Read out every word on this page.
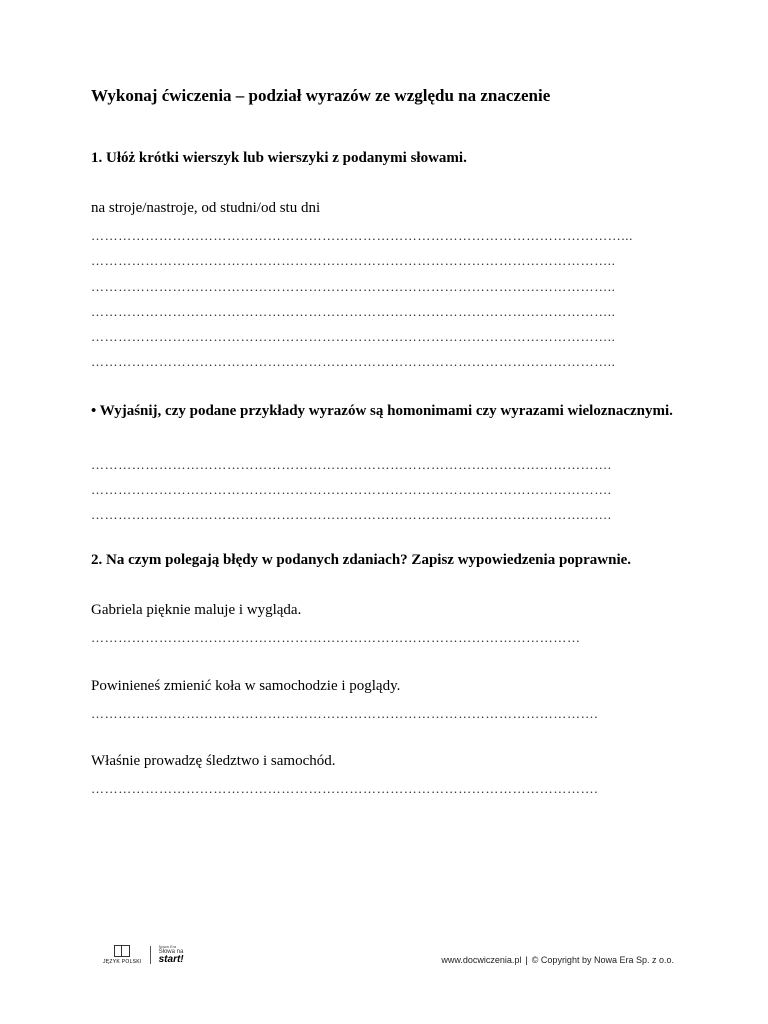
Wykonaj ćwiczenia – podział wyrazów ze względu na znaczenie
1. Ułóż krótki wierszyk lub wierszyki z podanymi słowami.
na stroje/nastroje, od studni/od stu dni
………………………………………………………………………………………………………...
……………………………………………………………………………………………………..
……………………………………………………………………………………………………..
……………………………………………………………………………………………………..
……………………………………………………………………………………………………..
……………………………………………………………………………………………………..
• Wyjaśnij, czy podane przykłady wyrazów są homonimami czy wyrazami wieloznacznymi.
…………………………………………………………………………………………………….
…………………………………………………………………………………………………….
…………………………………………………………………………………………………….
2. Na czym polegają błędy w podanych zdaniach? Zapisz wypowiedzenia poprawnie.
Gabriela pięknie maluje i wygląda.
………………………………………………………………………………………………
Powinieneś zmienić koła w samochodzie i poglądy.
………………………………………………………………………………………………….
Właśnie prowadzę śledztwo i samochód.
………………………………………………………………………………………………….
JĘZYK POLSKI
Nowa Era
Słowa na
start!	www.docwiczenia.pl | © Copyright by Nowa Era Sp. z o.o.
